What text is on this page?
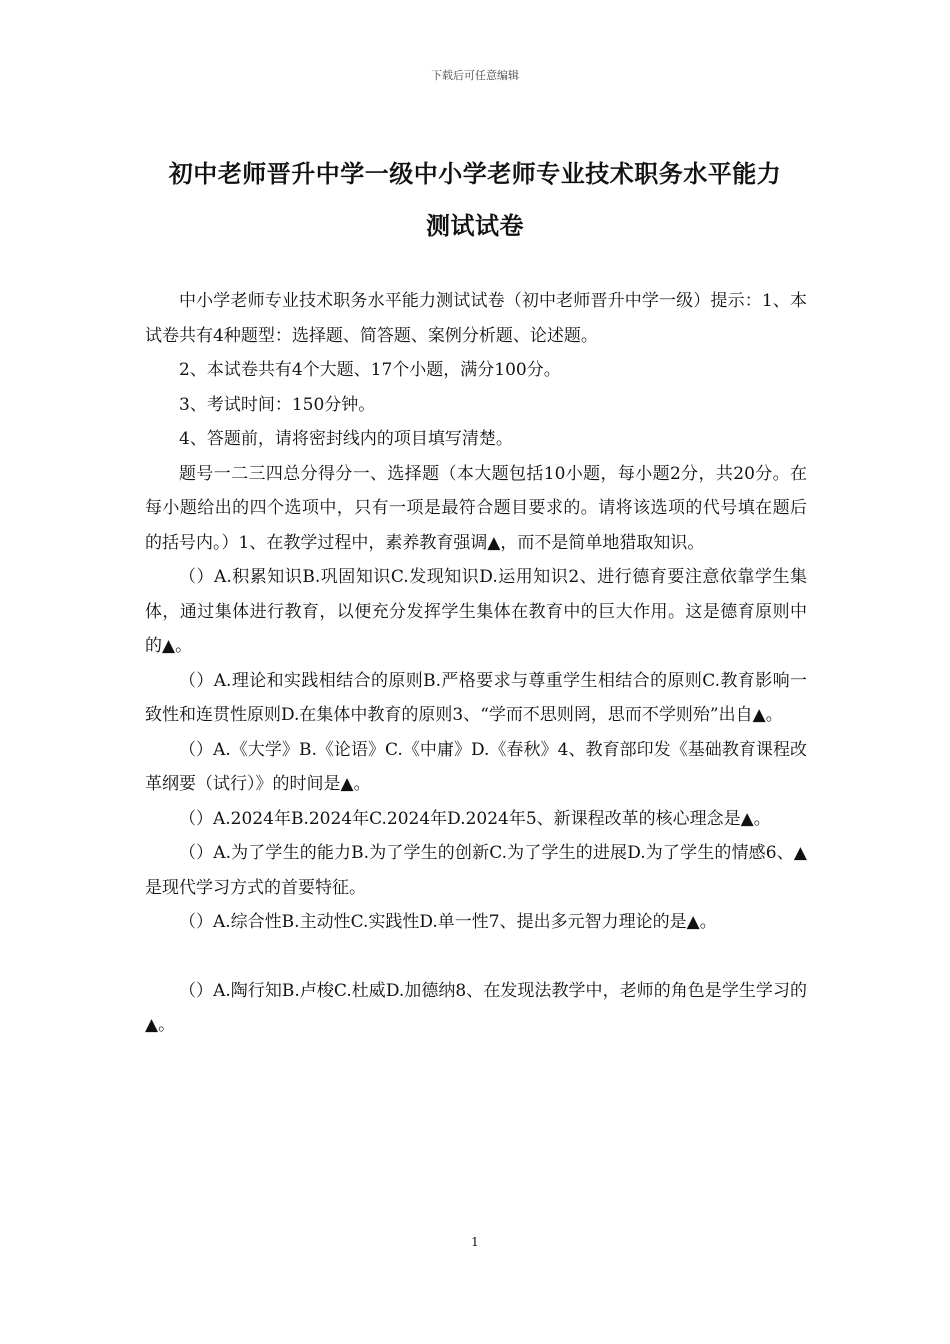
下载后可任意编辑
初中老师晋升中学一级中小学老师专业技术职务水平能力
测试试卷

中小学老师专业技术职务水平能力测试试卷（初中老师晋升中学一级）提示：1、本试卷共有4种题型：选择题、简答题、案例分析题、论述题。

2、本试卷共有4个大题、17个小题，满分100分。

3、考试时间：150分钟。

4、答题前，请将密封线内的项目填写清楚。

题号一二三四总分得分一、选择题（本大题包括10小题，每小题2分，共20分。在每小题给出的四个选项中，只有一项是最符合题目要求的。请将该选项的代号填在题后的括号内。）1、在教学过程中，素养教育强调▲，而不是简单地猎取知识。

（）A.积累知识B.巩固知识C.发现知识D.运用知识2、进行德育要注意依靠学生集体，通过集体进行教育，以便充分发挥学生集体在教育中的巨大作用。这是德育原则中的▲。

（）A.理论和实践相结合的原则B.严格要求与尊重学生相结合的原则C.教育影响一致性和连贯性原则D.在集体中教育的原则3、“学而不思则罔，思而不学则殆”出自▲。

（）A.《大学》B.《论语》C.《中庸》D.《春秋》4、教育部印发《基础教育课程改革纲要（试行）》的时间是▲。

（）A.2024年B.2024年C.2024年D.2024年5、新课程改革的核心理念是▲。

（）A.为了学生的能力B.为了学生的创新C.为了学生的进展D.为了学生的情感6、▲是现代学习方式的首要特征。

（）A.综合性B.主动性C.实践性D.单一性7、提出多元智力理论的是▲。

（）A.陶行知B.卢梭C.杜威D.加德纳8、在发现法教学中，老师的角色是学生学习的▲。

1
